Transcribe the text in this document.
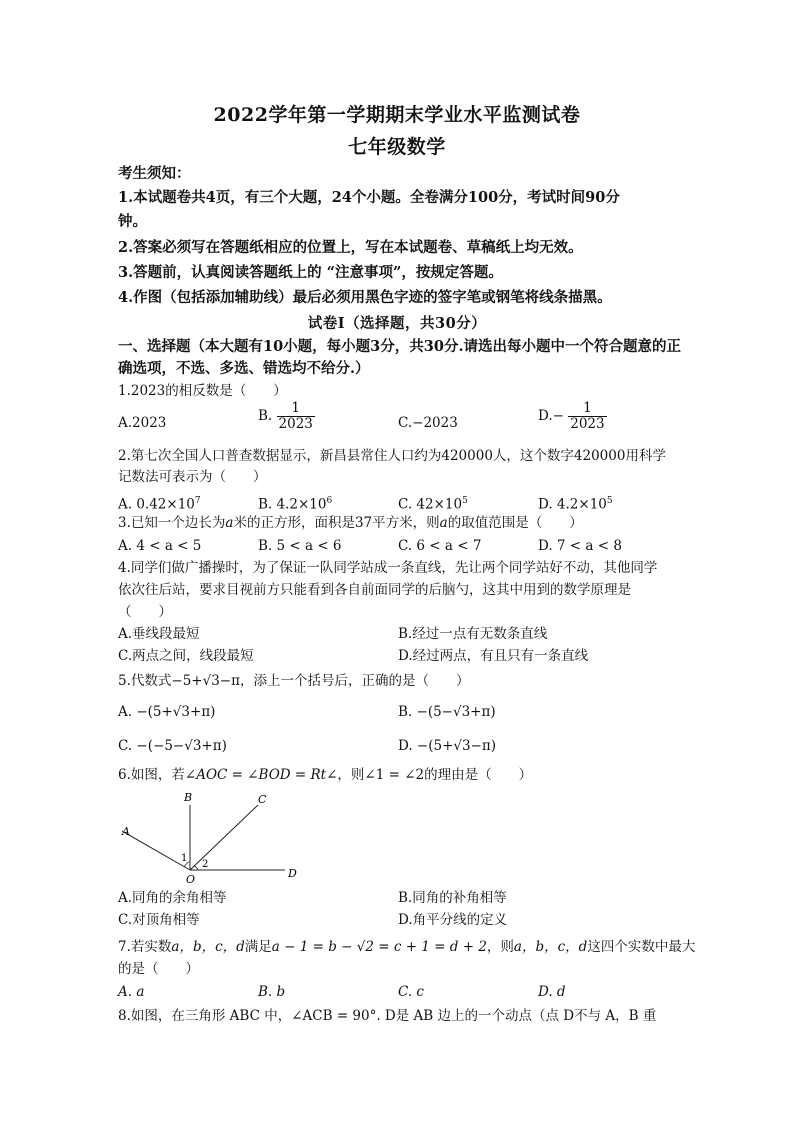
2022学年第一学期期末学业水平监测试卷
七年级数学
考生须知：
1.本试题卷共4页，有三个大题，24个小题。全卷满分100分，考试时间90分
钟。
2.答案必须写在答题纸相应的位置上，写在本试题卷、草稿纸上均无效。
3.答题前，认真阅读答题纸上的 “注意事项”，按规定答题。
4.作图（包括添加辅助线）最后必须用黑色字迹的签字笔或钢笔将线条描黑。
试卷Ⅰ（选择题，共30分）
一、选择题（本大题有10小题，每小题3分，共30分.请选出每小题中一个符合题意的正
确选项，不选、多选、错选均不给分.）
1.2023的相反数是（　　）
A.2023	B. $\frac{1}{2023}$	C.−2023	$D.- \frac{1}{2023}$
2.第七次全国人口普查数据显示，新昌县常住人口约为420000人，这个数字420000用科学
记数法可表示为（　　）
A. $0.42\times 10^7$	B. $4.2\times 10^6$	C. $42\times 10^5$	D. $4.2\times 10^5$
3.已知一个边长为a米的正方形，面积是37平方米，则a的取值范围是（　　）
A. 4 < a < 5	B. 5 < a < 6	C. 6 < a < 7	D. 7 < a < 8
4.同学们做广播操时，为了保证一队同学站成一条直线，先让两个同学站好不动，其他同学
依次往后站，要求目视前方只能看到各自前面同学的后脑勺，这其中用到的数学原理是
（　　）
A.垂线段最短	B.经过一点有无数条直线
C.两点之间，线段最短	D.经过两点，有且只有一条直线
5.代数式−5+√3−π，添上一个括号后，正确的是（　　）
A. −(5+√3+π)	B. −(5−√3+π)
C. −(−5−√3+π)	D. −(5+√3−π)
6.如图，若∠AOC = ∠BOD = Rt∠，则∠1 = ∠2的理由是（　　）
A
B	C
D
O
1
2
A.同角的余角相等	B.同角的补角相等
C.对顶角相等	D.角平分线的定义
7.若实数a，b，c，d满足a − 1 = b − √2 = c + 1 = d + 2，则a，b，c，d这四个实数中最大
的是（　　）
A. a	B. b	C. c	D. d
8.如图，在三角形 ABC 中，∠ACB = 90°. D是 AB 边上的一个动点（点 D不与 A，B 重
